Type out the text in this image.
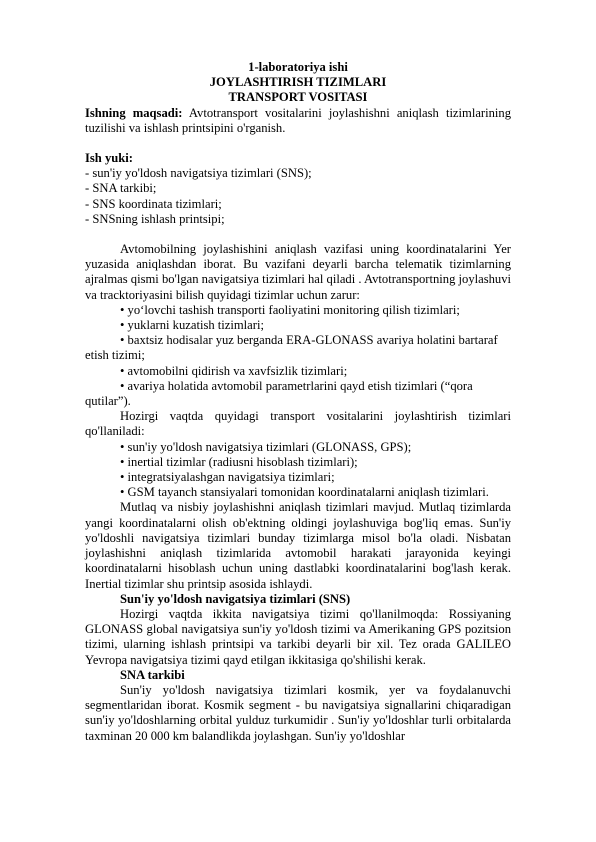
1-laboratoriya ishi
JOYLASHTIRISH TIZIMLARI
TRANSPORT VOSITASI

Ishning maqsadi: Avtotransport vositalarini joylashishni aniqlash tizimlarining tuzilishi va ishlash printsipini o'rganish.

Ish yuki:

- sun'iy yo'ldosh navigatsiya tizimlari (SNS);

- SNA tarkibi;

- SNS koordinata tizimlari;

- SNSning ishlash printsipi;

Avtomobilning joylashishini aniqlash vazifasi uning koordinatalarini Yer yuzasida aniqlashdan iborat. Bu vazifani deyarli barcha telematik tizimlarning ajralmas qismi bo'lgan navigatsiya tizimlari hal qiladi . Avtotransportning joylashuvi va tracktoriyasini bilish quyidagi tizimlar uchun zarur:

• yo‘lovchi tashish transporti faoliyatini monitoring qilish tizimlari;

• yuklarni kuzatish tizimlari;

• baxtsiz hodisalar yuz berganda ERA-GLONASS avariya holatini bartaraf etish tizimi;

• avtomobilni qidirish va xavfsizlik tizimlari;

• avariya holatida avtomobil parametrlarini qayd etish tizimlari (“qora qutilar”).

Hozirgi vaqtda quyidagi transport vositalarini joylashtirish tizimlari qo'llaniladi:

• sun'iy yo'ldosh navigatsiya tizimlari (GLONASS, GPS);

• inertial tizimlar (radiusni hisoblash tizimlari);

• integratsiyalashgan navigatsiya tizimlari;

• GSM tayanch stansiyalari tomonidan koordinatalarni aniqlash tizimlari.

Mutlaq va nisbiy joylashishni aniqlash tizimlari mavjud. Mutlaq tizimlarda yangi koordinatalarni olish ob'ektning oldingi joylashuviga bog'liq emas. Sun'iy yo'ldoshli navigatsiya tizimlari bunday tizimlarga misol bo'la oladi. Nisbatan joylashishni aniqlash tizimlarida avtomobil harakati jarayonida keyingi koordinatalarni hisoblash uchun uning dastlabki koordinatalarini bog'lash kerak. Inertial tizimlar shu printsip asosida ishlaydi.

Sun'iy yo'ldosh navigatsiya tizimlari (SNS)

Hozirgi vaqtda ikkita navigatsiya tizimi qo'llanilmoqda: Rossiyaning GLONASS global navigatsiya sun'iy yo'ldosh tizimi va Amerikaning GPS pozitsion tizimi, ularning ishlash printsipi va tarkibi deyarli bir xil. Tez orada GALILEO Yevropa navigatsiya tizimi qayd etilgan ikkitasiga qo'shilishi kerak.

SNA tarkibi

Sun'iy yo'ldosh navigatsiya tizimlari kosmik, yer va foydalanuvchi segmentlaridan iborat. Kosmik segment - bu navigatsiya signallarini chiqaradigan sun'iy yo'ldoshlarning orbital yulduz turkumidir . Sun'iy yo'ldoshlar turli orbitalarda taxminan 20 000 km balandlikda joylashgan. Sun'iy yo'ldoshlar
